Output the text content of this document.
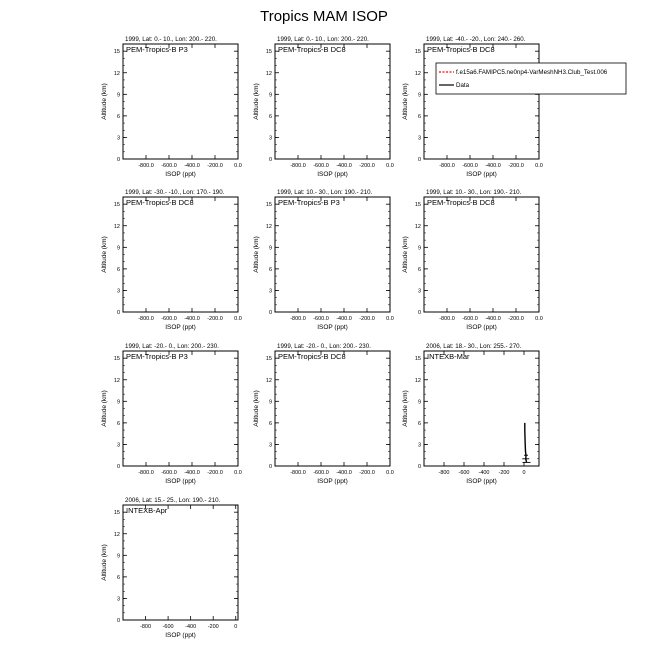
Tropics MAM ISOP
1999, Lat: 0.- 10., Lon: 200.- 220.
PEM-Tropics-B P3
0
3
6
9
12
15
-800.0 -600.0 -400.0 -200.0 0.0
ISOP (ppt)
Altitude (km)
1999, Lat: 0.- 10., Lon: 200.- 220.
PEM-Tropics-B DC8
0
3
6
9
12
15
-800.0 -600.0 -400.0 -200.0 0.0
ISOP (ppt)
Altitude (km)
1999, Lat: -40.- -20., Lon: 240.- 260.
PEM-Tropics-B DC8
0
3
6
9
12
15
-800.0 -600.0 -400.0 -200.0 0.0
ISOP (ppt)
Altitude (km)
f.e15a6.FAMIPC5.ne0np4-VarMeshNH3.Club_Test.006
Data
1999, Lat: -30.- -10., Lon: 170.- 190.
PEM-Tropics-B DC8
0
3
6
9
12
15
-800.0 -600.0 -400.0 -200.0 0.0
ISOP (ppt)
Altitude (km)
1999, Lat: 10.- 30., Lon: 190.- 210.
PEM-Tropics-B P3
0
3
6
9
12
15
-800.0 -600.0 -400.0 -200.0 0.0
ISOP (ppt)
Altitude (km)
1999, Lat: 10.- 30., Lon: 190.- 210.
PEM-Tropics-B DC8
0
3
6
9
12
15
-800.0 -600.0 -400.0 -200.0 0.0
ISOP (ppt)
Altitude (km)
1999, Lat: -20.- 0., Lon: 200.- 230.
PEM-Tropics-B P3
0
3
6
9
12
15
-800.0 -600.0 -400.0 -200.0 0.0
ISOP (ppt)
Altitude (km)
1999, Lat: -20.- 0., Lon: 200.- 230.
PEM-Tropics-B DC8
0
3
6
9
12
15
-800.0 -600.0 -400.0 -200.0 0.0
ISOP (ppt)
Altitude (km)
2006, Lat: 18.- 30., Lon: 255.- 270.
INTEXB-Mar
0
3
6
9
12
15
-800 -600 -400 -200 0
ISOP (ppt)
Altitude (km)
2006, Lat: 15.- 25., Lon: 190.- 210.
INTEXB-Apr
0
3
6
9
12
15
-800 -600 -400 -200	0
ISOP (ppt)
Altitude (km)
